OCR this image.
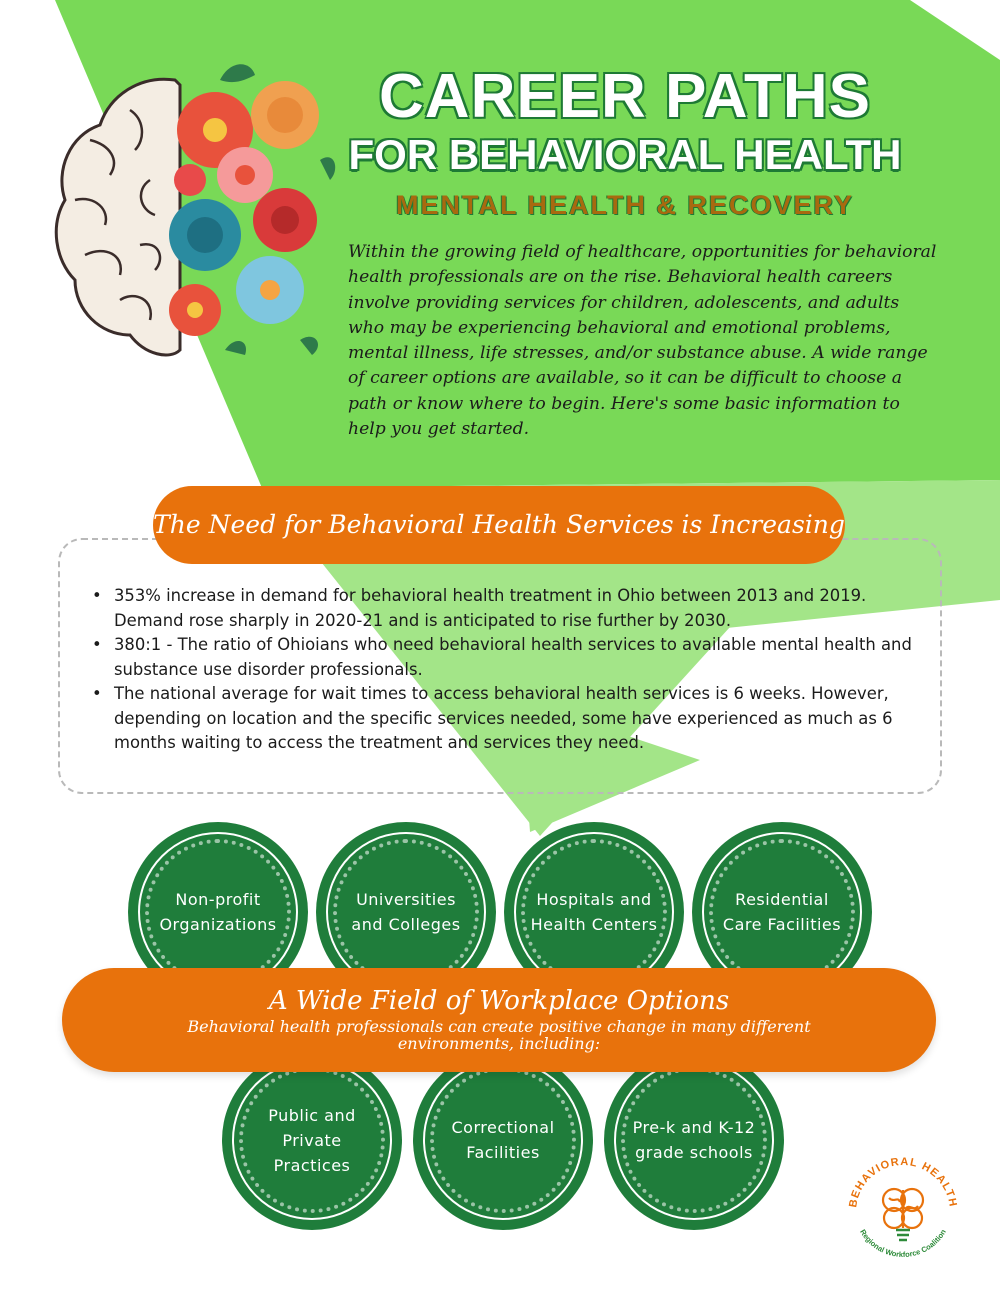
CAREER PATHS
FOR BEHAVIORAL HEALTH
MENTAL HEALTH & RECOVERY

Within the growing field of healthcare, opportunities for behavioral health professionals are on the rise. Behavioral health careers involve providing services for children, adolescents, and adults who may be experiencing behavioral and emotional problems, mental illness, life stresses, and/or substance abuse. A wide range of career options are available, so it can be difficult to choose a path or know where to begin. Here's some basic information to help you get started.

The Need for Behavioral Health Services is Increasing
• 353% increase in demand for behavioral health treatment in Ohio between 2013 and 2019. Demand rose sharply in 2020-21 and is anticipated to rise further by 2030.
• 380:1 - The ratio of Ohioians who need behavioral health services to available mental health and substance use disorder professionals.
• The national average for wait times to access behavioral health services is 6 weeks. However, depending on location and the specific services needed, some have experienced as much as 6 months waiting to access the treatment and services they need.
Non-profit Organizations
Universities and Colleges
Hospitals and Health Centers
Residential Care Facilities
A Wide Field of Workplace Options
Behavioral health professionals can create positive change in many different environments, including:
Public and Private Practices
Correctional Facilities
Pre-k and K-12 grade schools
BEHAVIORAL HEALTH
Regional Workforce Coalition
